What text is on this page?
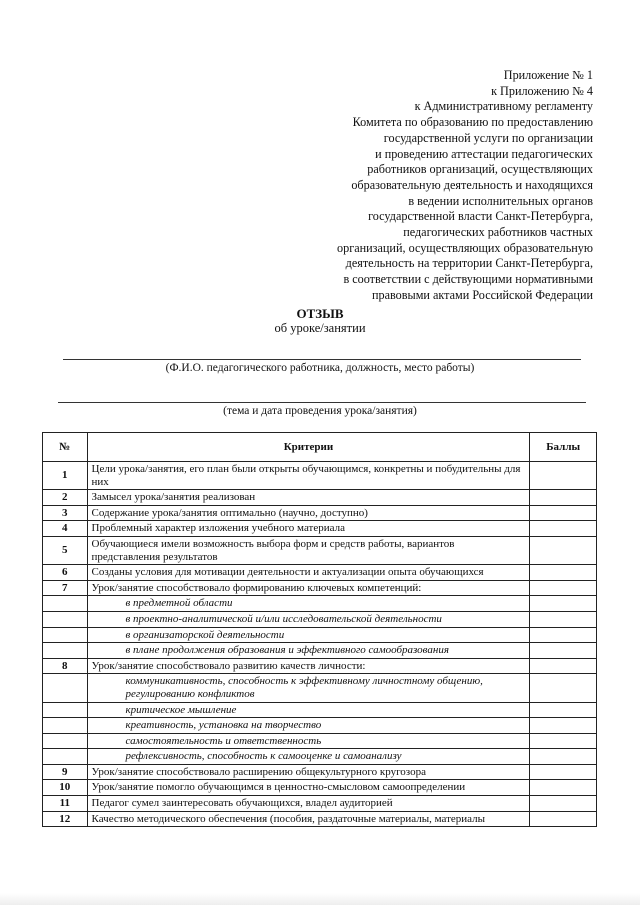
Приложение № 1
к Приложению № 4
к Административному регламенту
Комитета по образованию по предоставлению
государственной услуги по организации
и проведению аттестации педагогических
работников организаций, осуществляющих
образовательную деятельность и находящихся
в ведении исполнительных органов
государственной власти Санкт-Петербурга,
педагогических работников частных
организаций, осуществляющих образовательную
деятельность на территории Санкт-Петербурга,
в соответствии с действующими нормативными
правовыми актами Российской Федерации
ОТЗЫВ
об уроке/занятии
(Ф.И.О. педагогического работника, должность, место работы)
(тема и дата проведения урока/занятия)
№	Критерии	Баллы
1	Цели урока/занятия, его план были открыты обучающимся, конкретны и побудительны для них	
2	Замысел урока/занятия реализован	
3	Содержание урока/занятия оптимально (научно, доступно)	
4	Проблемный характер изложения учебного материала	
5	Обучающиеся имели возможность выбора форм и средств работы, вариантов представления результатов	
6	Созданы условия для мотивации деятельности и актуализации опыта обучающихся	
7	Урок/занятие способствовало формированию ключевых компетенций:	
	в предметной области	
	в проектно-аналитической и/или исследовательской деятельности	
	в организаторской деятельности	
	в плане продолжения образования и эффективного самообразования	
8	Урок/занятие способствовало развитию качеств личности:	
	коммуникативность, способность к эффективному личностному общению, регулированию конфликтов	
	критическое мышление	
	креативность, установка на творчество	
	самостоятельность и ответственность	
	рефлексивность, способность к самооценке и самоанализу	
9	Урок/занятие способствовало расширению общекультурного кругозора	
10	Урок/занятие помогло обучающимся в ценностно-смысловом самоопределении	
11	Педагог сумел заинтересовать обучающихся, владел аудиторией	
12	Качество методического обеспечения (пособия, раздаточные материалы, материалы	
